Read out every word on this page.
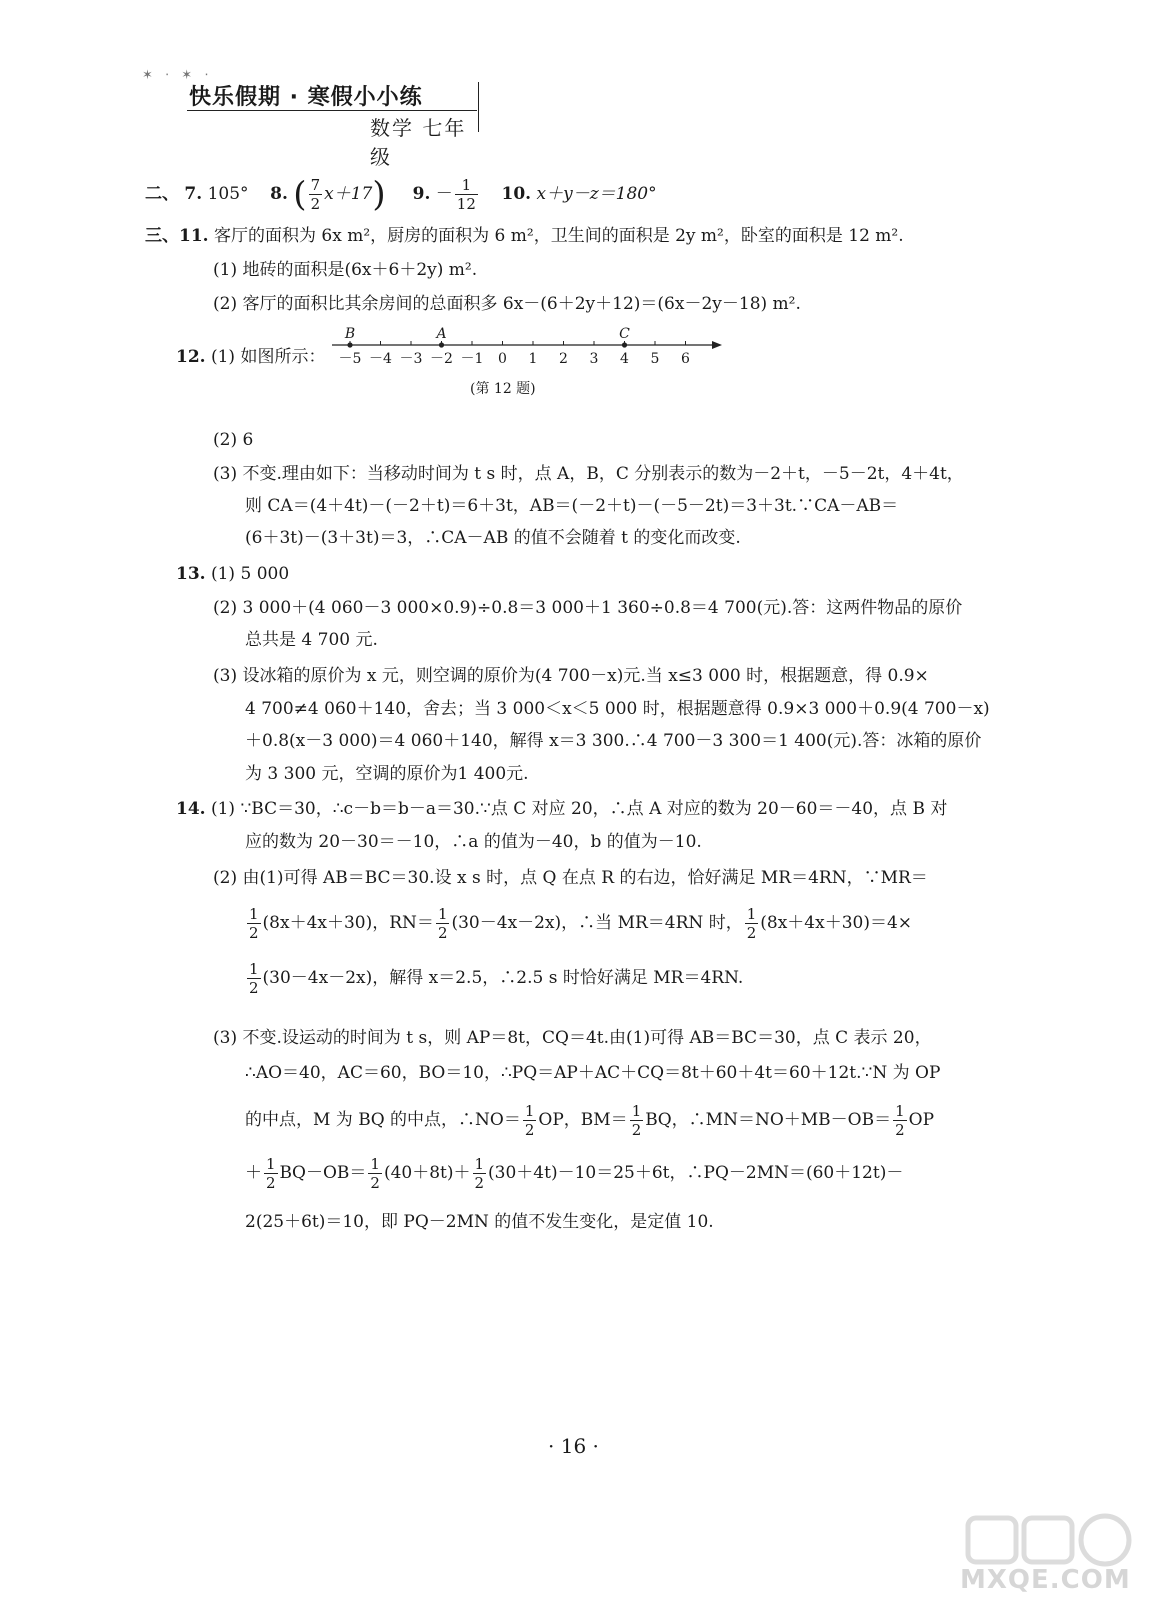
✶ ⋅ ✶ ⋅
快乐假期 · 寒假小小练
数学 七年级
二、 7. 105° 8. ( $\frac{7}{2} x+17$) 9. － $\frac{1}{12} 10$. x＋y－z＝180°
三、11. 客厅的面积为 6x m²，厨房的面积为 6 m²，卫生间的面积是 2y m²，卧室的面积是 12 m².
(1) 地砖的面积是(6x＋6＋2y) m².
(2) 客厅的面积比其余房间的总面积多 6x－(6＋2y＋12)＝(6x－2y－18) m².
12. (1) 如图所示： －5 －4 －3 －2 －1 0 1 2 3 4 5 6
B	A	C
(第 12 题)
(2) 6
(3) 不变.理由如下：当移动时间为 t s 时，点 A，B，C 分别表示的数为－2＋t，－5－2t，4＋4t，
则 CA＝(4＋4t)－(－2＋t)＝6＋3t，AB＝(－2＋t)－(－5－2t)＝3＋3t.∵CA－AB＝
(6＋3t)－(3＋3t)＝3，∴CA－AB 的值不会随着 t 的变化而改变.
13. (1) 5 000
(2) 3 000＋(4 060－3 000×0.9)÷0.8＝3 000＋1 360÷0.8＝4 700(元).答：这两件物品的原价
总共是 4 700 元.
(3) 设冰箱的原价为 x 元，则空调的原价为(4 700－x)元.当 x≤3 000 时，根据题意，得 0.9×
4 700≠4 060＋140，舍去；当 3 000＜x＜5 000 时，根据题意得 0.9×3 000＋0.9(4 700－x)
＋0.8(x－3 000)＝4 060＋140，解得 x＝3 300.∴4 700－3 300＝1 400(元).答：冰箱的原价
为 3 300 元，空调的原价为1 400元.
14. (1) ∵BC＝30，∴c－b＝b－a＝30.∵点 C 对应 20，∴点 A 对应的数为 20－60＝－40，点 B 对
应的数为 20－30＝－10，∴a 的值为－40，b 的值为－10.
(2) 由(1)可得 AB＝BC＝30.设 x s 时，点 Q 在点 R 的右边，恰好满足 MR＝4RN，∵MR＝
$\frac{1}{2} (8x+4x+30)$，$RN= \frac{1}{2} (30-4x-2x)$，∴当 MR＝4RN 时， $\frac{1}{2} (8x+4x+30)=4\times$
$\frac{1}{2} (30-4x-2x)$，解得 x＝2.5，∴2.5 s 时恰好满足 MR＝4RN.
(3) 不变.设运动的时间为 t s，则 AP＝8t，CQ＝4t.由(1)可得 AB＝BC＝30，点 C 表示 20，
∴AO＝40，AC＝60，BO＝10，∴PQ＝AP＋AC＋CQ＝8t＋60＋4t＝60＋12t.∵N 为 OP
的中点，M 为 BQ 的中点，∴NO＝ $\frac{1}{2}$ OP，$BM= \frac{1}{2}$ BQ，∴MN＝NO＋MB－OB＝ $\frac{1}{2}$ OP
＋ $\frac{1}{2} BQ-OB= \frac{1}{2} (40+8t)+ \frac{1}{2} (30+4t)-10=25+6t$，∴PQ－2MN＝(60＋12t)－
2(25＋6t)＝10，即 PQ－2MN 的值不发生变化，是定值 10.
· 16 ·
MXQE.COM
